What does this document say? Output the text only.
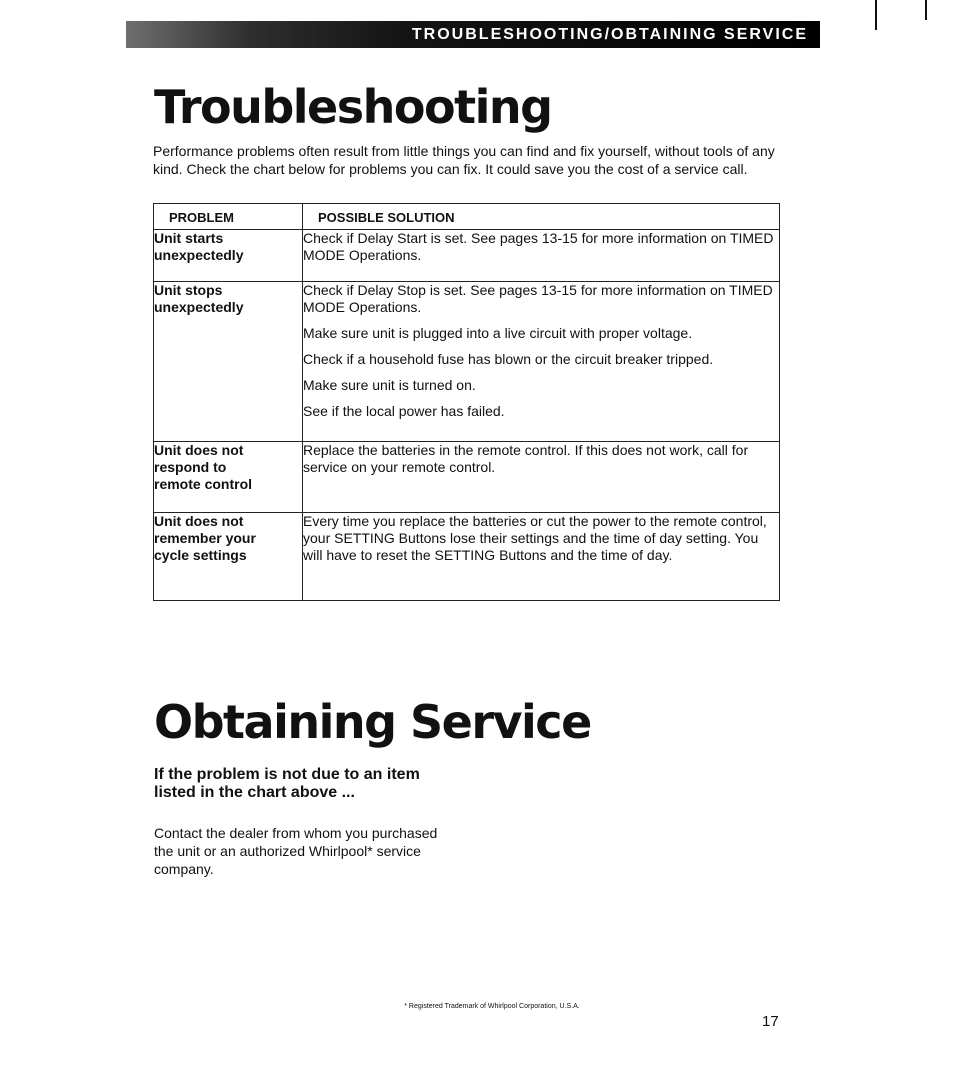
TROUBLESHOOTING/OBTAINING SERVICE
Troubleshooting

Performance problems often result from little things you can find and fix yourself, without tools of any kind. Check the chart below for problems you can fix. It could save you the cost of a service call.

PROBLEM	POSSIBLE SOLUTION
Unit starts unexpectedly	Check if Delay Start is set. See pages 13-15 for more information on TIMED MODE Operations.

Unit stops unexpectedly	Check if Delay Stop is set. See pages 13-15 for more information on TIMED MODE Operations.

Make sure unit is plugged into a live circuit with proper voltage.

Check if a household fuse has blown or the circuit breaker tripped.

Make sure unit is turned on.

See if the local power has failed.

Unit does not respond to remote control	Replace the batteries in the remote control. If this does not work, call for service on your remote control.

Unit does not remember your cycle settings	Every time you replace the batteries or cut the power to the remote control, your SETTING Buttons lose their settings and the time of day setting. You will have to reset the SETTING Buttons and the time of day.

Obtaining Service

If the problem is not due to an item listed in the chart above ...

Contact the dealer from whom you purchased the unit or an authorized Whirlpool* service company.

* Registered Trademark of Whirlpool Corporation, U.S.A.

17
